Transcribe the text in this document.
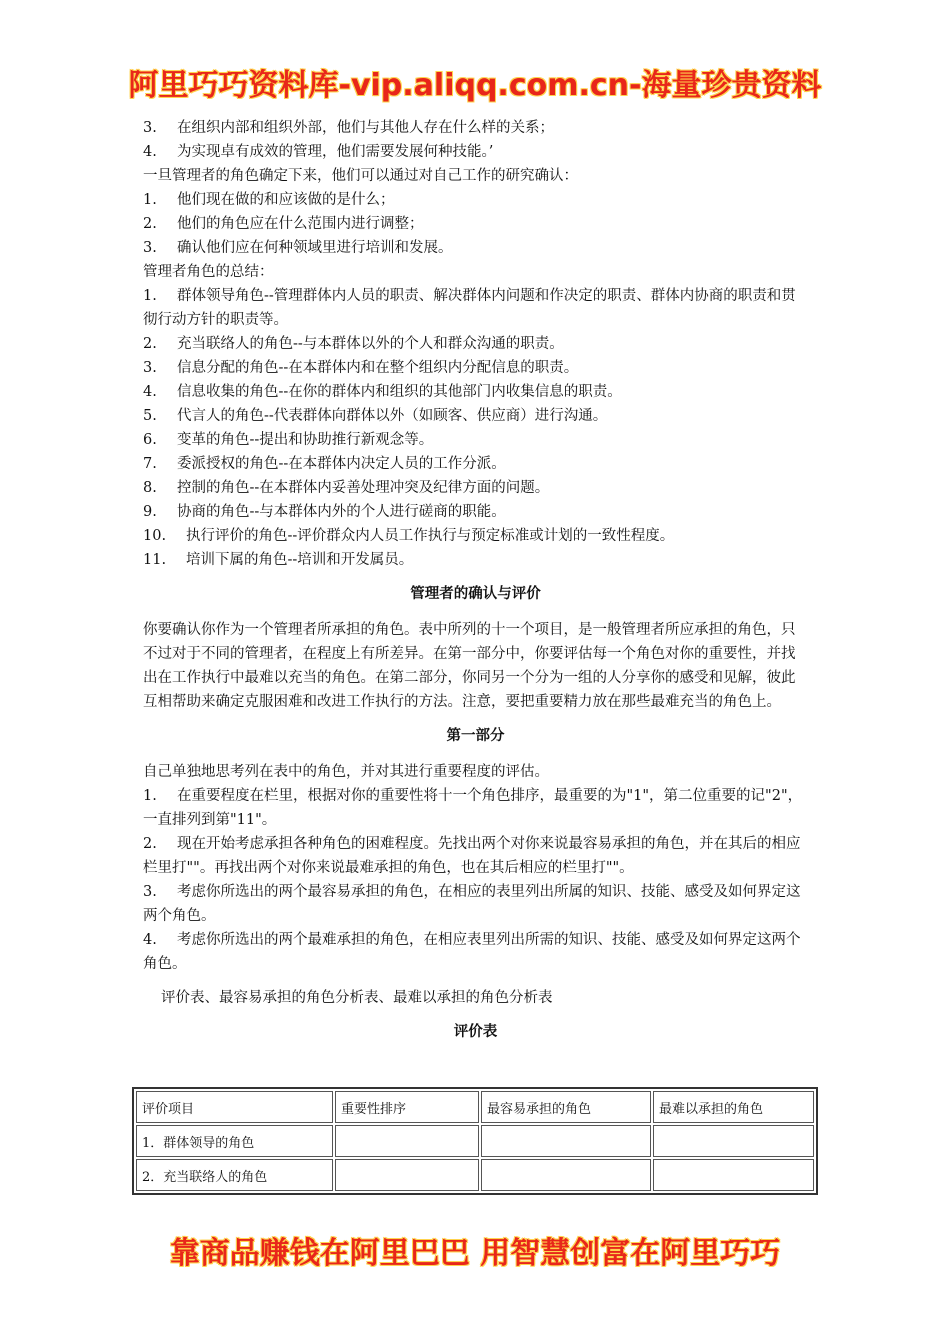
阿里巧巧资料库-vip.aliqq.com.cn-海量珍贵资料
3.	在组织内部和组织外部，他们与其他人存在什么样的关系；
4.	为实现卓有成效的管理，他们需要发展何种技能。’
一旦管理者的角色确定下来，他们可以通过对自己工作的研究确认：
1.	他们现在做的和应该做的是什么；
2.	他们的角色应在什么范围内进行调整；
3.	确认他们应在何种领域里进行培训和发展。
管理者角色的总结：
1. 群体领导角色--管理群体内人员的职责、解决群体内问题和作决定的职责、群体内协商的职责和贯彻行动方针的职责等。
2.	充当联络人的角色--与本群体以外的个人和群众沟通的职责。
3.	信息分配的角色--在本群体内和在整个组织内分配信息的职责。
4.	信息收集的角色--在你的群体内和组织的其他部门内收集信息的职责。
5.	代言人的角色--代表群体向群体以外（如顾客、供应商）进行沟通。
6.	变革的角色--提出和协助推行新观念等。
7.	委派授权的角色--在本群体内决定人员的工作分派。
8.	控制的角色--在本群体内妥善处理冲突及纪律方面的问题。
9.	协商的角色--与本群体内外的个人进行磋商的职能。
10.	执行评价的角色--评价群众内人员工作执行与预定标准或计划的一致性程度。
11.	培训下属的角色--培训和开发属员。
管理者的确认与评价
你要确认你作为一个管理者所承担的角色。表中所列的十一个项目，是一般管理者所应承担的角色，只不过对于不同的管理者，在程度上有所差异。在第一部分中，你要评估每一个角色对你的重要性，并找出在工作执行中最难以充当的角色。在第二部分，你同另一个分为一组的人分享你的感受和见解，彼此互相帮助来确定克服困难和改进工作执行的方法。注意，要把重要精力放在那些最难充当的角色上。
第一部分
自己单独地思考列在表中的角色，并对其进行重要程度的评估。
1. 在重要程度在栏里，根据对你的重要性将十一个角色排序，最重要的为"1"，第二位重要的记"2"，一直排列到第"11"。
2. 现在开始考虑承担各种角色的困难程度。先找出两个对你来说最容易承担的角色，并在其后的相应栏里打""。再找出两个对你来说最难承担的角色，也在其后相应的栏里打""。
3. 考虑你所选出的两个最容易承担的角色，在相应的表里列出所属的知识、技能、感受及如何界定这两个角色。
4. 考虑你所选出的两个最难承担的角色，在相应表里列出所需的知识、技能、感受及如何界定这两个角色。
评价表、最容易承担的角色分析表、最难以承担的角色分析表
评价表
评价项目	重要性排序	最容易承担的角色	最难以承担的角色
1．群体领导的角色			
2．充当联络人的角色			
靠商品赚钱在阿里巴巴 用智慧创富在阿里巧巧
